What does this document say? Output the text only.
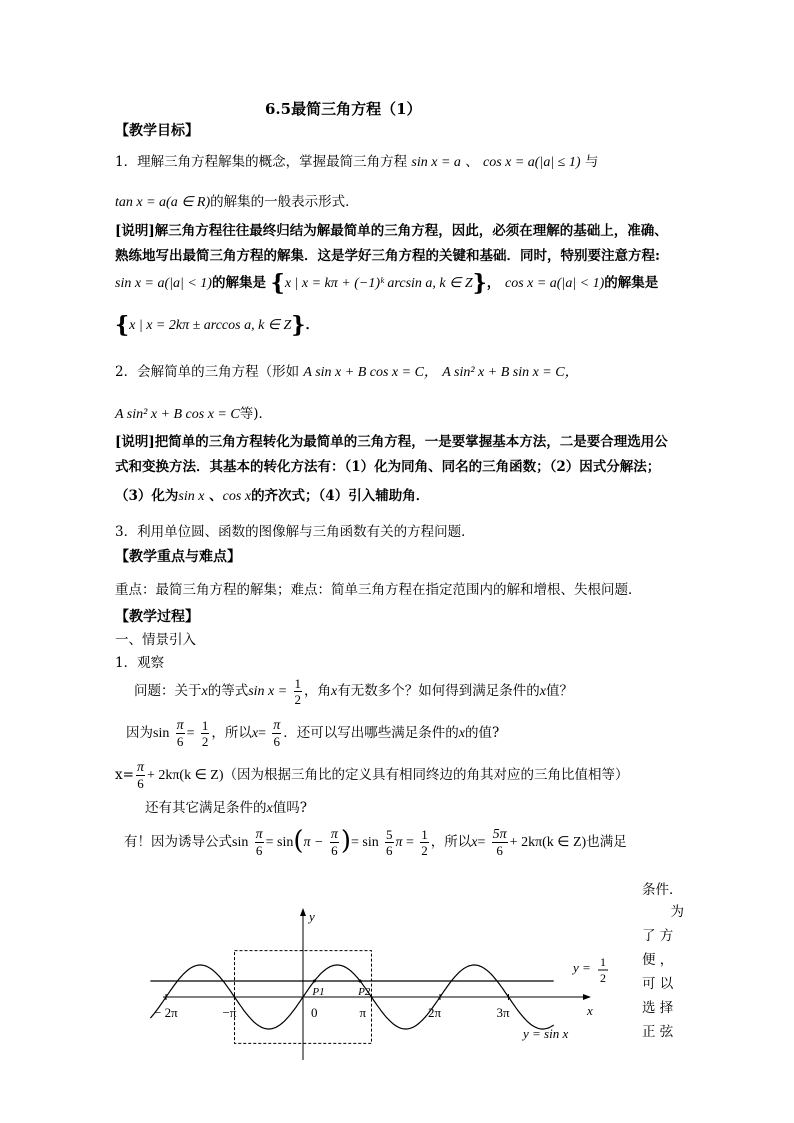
6.5最简三角方程（1）
【教学目标】
1．理解三角方程解集的概念，掌握最简三角方程 sin x = a 、 cos x = a(|a| ≤ 1) 与
tan x = a(a ∈ R)的解集的一般表示形式．
[说明]解三角方程往往最终归结为解最简单的三角方程，因此，必须在理解的基础上，准确、
熟练地写出最简三角方程的解集．这是学好三角方程的关键和基础．同时，特别要注意方程:
sin x = a(|a| < 1)的解集是 {x | x = kπ + (−1)ᵏ arcsin a, k ∈ Z}， cos x = a(|a| < 1)的解集是
{x | x = 2kπ ± arccos a, k ∈ Z}．
2．会解简单的三角方程（形如 A sin x + B cos x = C， A sin² x + B sin x = C，
A sin² x + B cos x = C等)．
[说明]把简单的三角方程转化为最简单的三角方程，一是要掌握基本方法，二是要合理选用公
式和变换方法．其基本的转化方法有：（1）化为同角、同名的三角函数；（2）因式分解法；
（3）化为sin x 、cos x的齐次式；（4）引入辅助角．
3．利用单位圆、函数的图像解与三角函数有关的方程问题．
【教学重点与难点】
重点：最简三角方程的解集；难点：简单三角方程在指定范围内的解和增根、失根问题．
【教学过程】
一、情景引入
1．观察
问题：关于x的等式$\sin x = \frac{1}{2}$ ，角x有无数多个？如何得到满足条件的x值？
因为$\sin \frac{\pi}{6} = \frac{1}{2}$ ，所以$x= \frac{\pi}{6}$ ．还可以写出哪些满足条件的x的值?
$x= \frac{\pi}{6} + 2k\pi(k$ ∈ Z)（因为根据三角比的定义具有相同终边的角其对应的三角比值相等）
还有其它满足条件的x值吗?
有！因为诱导公式$\sin \frac{\pi}{6} = \sin(\pi - \frac{\pi}{6}$ )= $\sin \frac{5}{6}$ $\pi = \frac{1}{2}$ ，所以$x= \frac{5\pi}{6} + 2k\pi(k$ ∈ Z)也满足
条件．
为
了 方
便 ，
可 以
选 择
正 弦
− 2π	−π	π	2π	3π
y
x
0
P1	P2
y = 1
2
y = sin x
